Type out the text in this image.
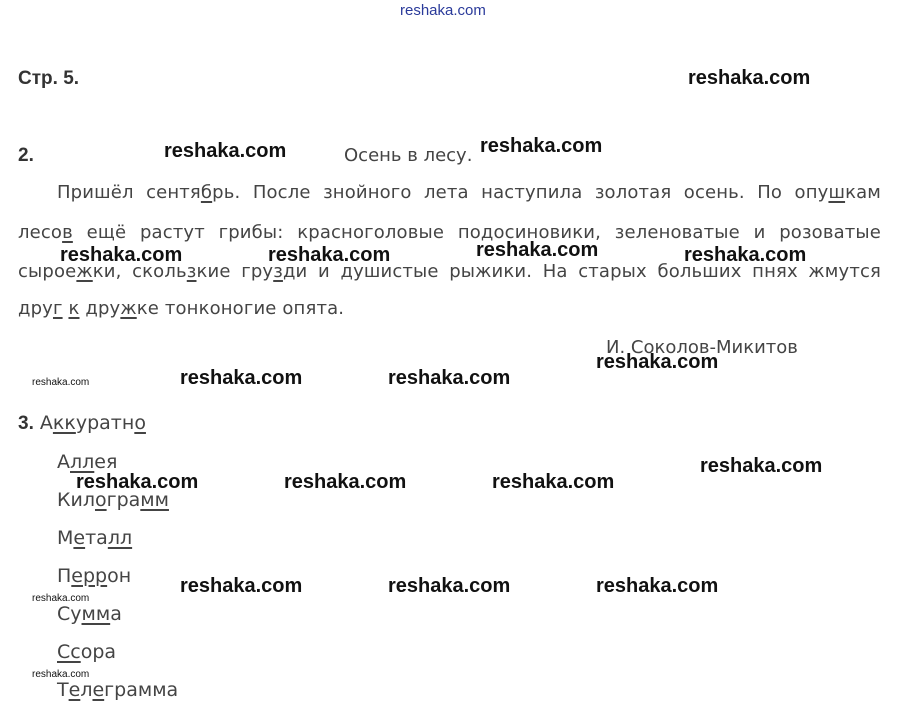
reshaka.com
Стр. 5.
2.	Осень в лесу.
Пришёл сентябрь. После знойного лета наступила золотая осень. По опушкам
лесов ещё растут грибы: красноголовые подосиновики, зеленоватые и розоватые
сыроeжки, скользкие грузди и душистые рыжики. На старых больших пнях жмутся
друг к дружке тонконогие опята.
И. Соколов-Микитов
3. Аккуратно
Аллея
Килограмм
Металл
Перрон
Сумма
Ссора
Телеграмма
reshaka.com
reshaka.com	reshaka.com
reshaka.com	reshaka.com	reshaka.com	reshaka.com
reshaka.com
reshaka.com	reshaka.com	reshaka.com
reshaka.com
reshaka.com	reshaka.com	reshaka.com
reshaka.com	reshaka.com	reshaka.com
reshaka.com
reshaka.com
